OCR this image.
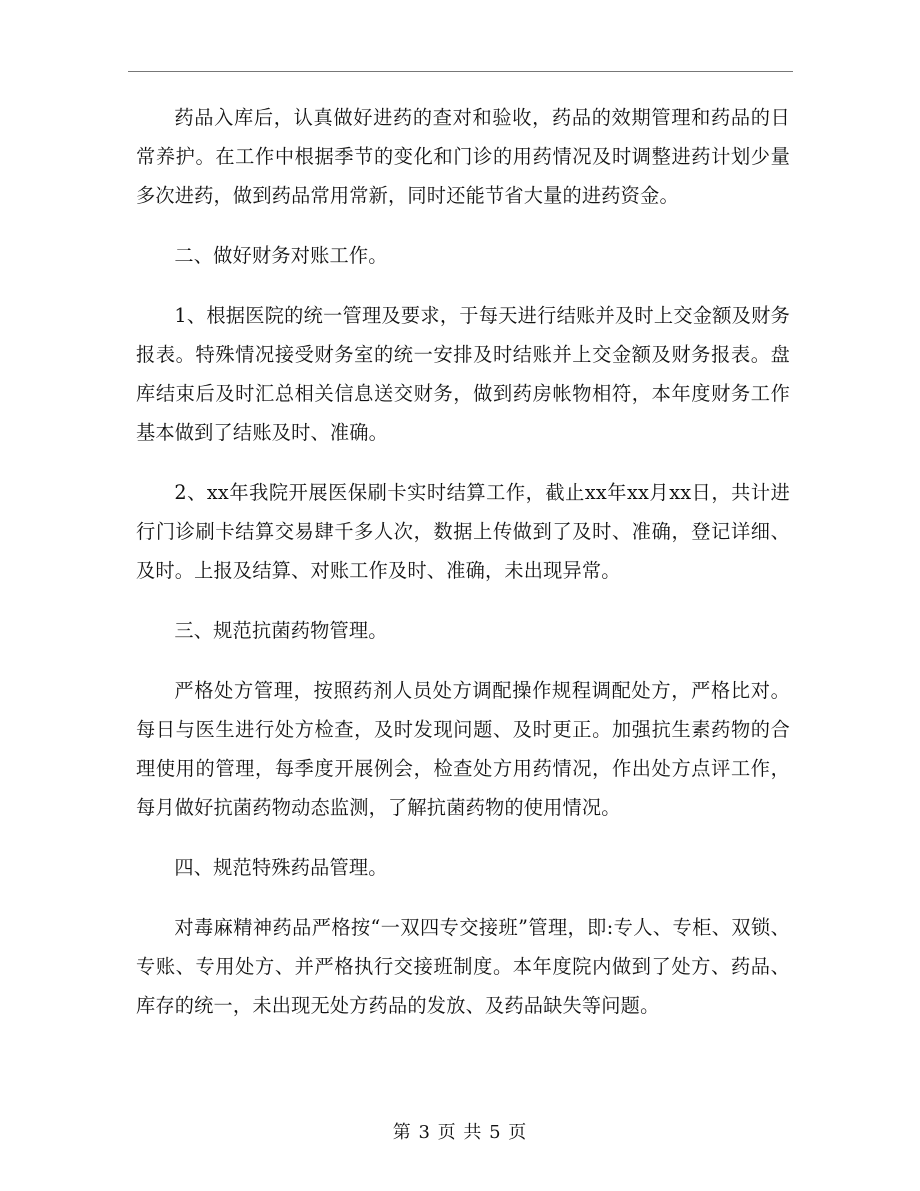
药品入库后，认真做好进药的查对和验收，药品的效期管理和药品的日常养护。在工作中根据季节的变化和门诊的用药情况及时调整进药计划少量多次进药，做到药品常用常新，同时还能节省大量的进药资金。

二、做好财务对账工作。

1、根据医院的统一管理及要求，于每天进行结账并及时上交金额及财务报表。特殊情况接受财务室的统一安排及时结账并上交金额及财务报表。盘库结束后及时汇总相关信息送交财务，做到药房帐物相符，本年度财务工作基本做到了结账及时、准确。

2、xx年我院开展医保刷卡实时结算工作，截止xx年xx月xx日，共计进行门诊刷卡结算交易肆千多人次，数据上传做到了及时、准确，登记详细、及时。上报及结算、对账工作及时、准确，未出现异常。

三、规范抗菌药物管理。

严格处方管理，按照药剂人员处方调配操作规程调配处方，严格比对。每日与医生进行处方检查，及时发现问题、及时更正。加强抗生素药物的合理使用的管理，每季度开展例会，检查处方用药情况，作出处方点评工作，每月做好抗菌药物动态监测，了解抗菌药物的使用情况。

四、规范特殊药品管理。

对毒麻精神药品严格按“一双四专交接班”管理，即:专人、专柜、双锁、专账、专用处方、并严格执行交接班制度。本年度院内做到了处方、药品、库存的统一，未出现无处方药品的发放、及药品缺失等问题。

第 3 页 共 5 页
